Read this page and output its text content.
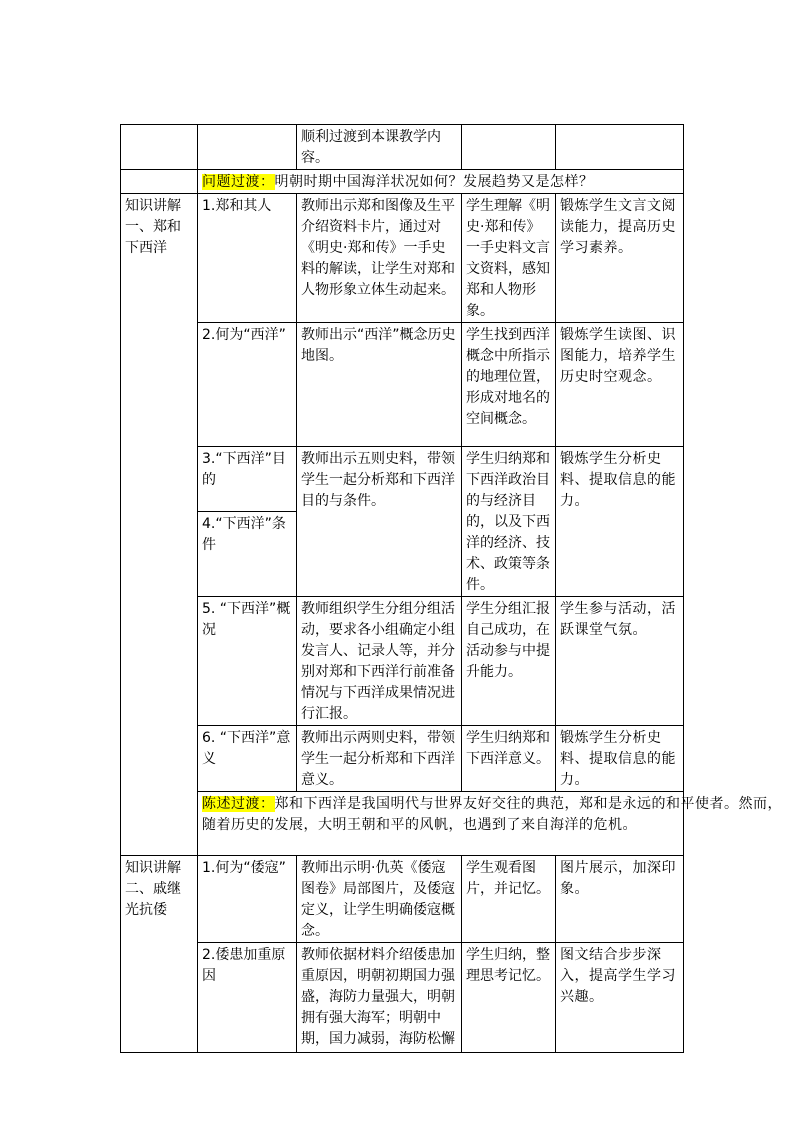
		顺利过渡到本课教学内容。		
	问题过渡：明朝时期中国海洋状况如何？发展趋势又是怎样？			
知识讲解一、郑和下西洋	1.郑和其人	教师出示郑和图像及生平介绍资料卡片，通过对《明史·郑和传》一手史料的解读，让学生对郑和人物形象立体生动起来。	学生理解《明史·郑和传》一手史料文言文资料，感知郑和人物形象。	锻炼学生文言文阅读能力，提高历史学习素养。
	2.何为“西洋”	教师出示“西洋”概念历史地图。	学生找到西洋概念中所指示的地理位置，形成对地名的空间概念。	锻炼学生读图、识图能力，培养学生历史时空观念。
	3.“下西洋”目的	教师出示五则史料，带领学生一起分析郑和下西洋目的与条件。	学生归纳郑和下西洋政治目的与经济目的，以及下西洋的经济、技术、政策等条件。	锻炼学生分析史料、提取信息的能力。
	4.“下西洋”条件			
	5. “下西洋”概况	教师组织学生分组分组活动，要求各小组确定小组发言人、记录人等，并分别对郑和下西洋行前准备情况与下西洋成果情况进行汇报。	学生分组汇报自己成功，在活动参与中提升能力。	学生参与活动，活跃课堂气氛。
	6. “下西洋”意义	教师出示两则史料，带领学生一起分析郑和下西洋意义。	学生归纳郑和下西洋意义。	锻炼学生分析史料、提取信息的能力。

	陈述过渡：郑和下西洋是我国明代与世界友好交往的典范，郑和是永远的和平使者。然而，随着历史的发展，大明王朝和平的风帆，也遇到了来自海洋的危机。			

知识讲解二、戚继光抗倭	1.何为“倭寇”	教师出示明·仇英《倭寇图卷》局部图片，及倭寇定义，让学生明确倭寇概念。	学生观看图片，并记忆。	图片展示，加深印象。
	2.倭患加重原因	教师依据材料介绍倭患加重原因，明朝初期国力强盛，海防力量强大，明朝拥有强大海军；明朝中期，国力减弱，海防松懈	学生归纳，整理思考记忆。	图文结合步步深入，提高学生学习兴趣。
